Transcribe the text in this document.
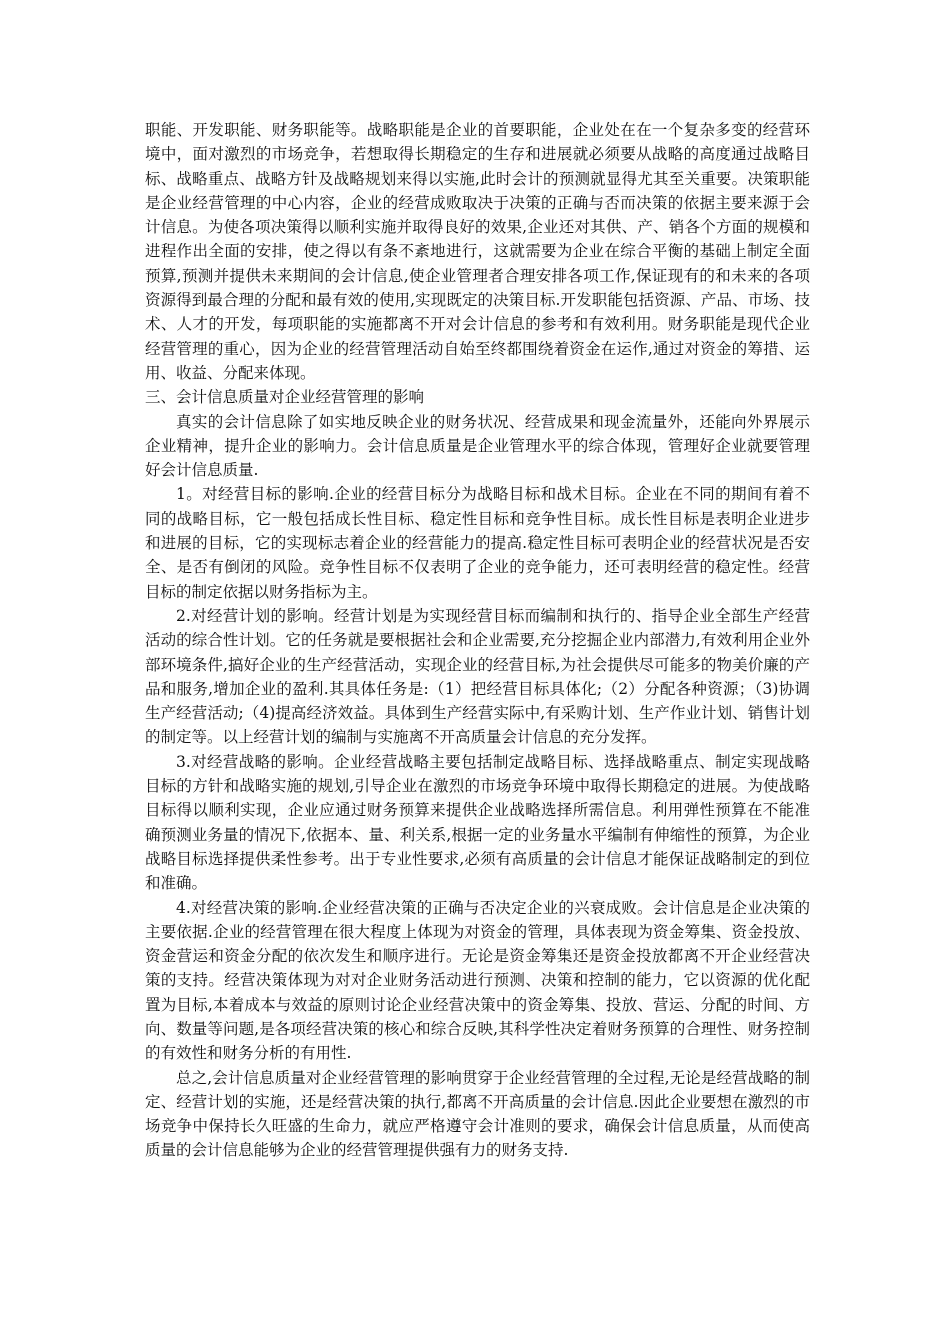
职能、开发职能、财务职能等。战略职能是企业的首要职能，企业处在在一个复杂多变的经营环境中，面对激烈的市场竞争，若想取得长期稳定的生存和进展就必须要从战略的高度通过战略目标、战略重点、战略方针及战略规划来得以实施,此时会计的预测就显得尤其至关重要。决策职能是企业经营管理的中心内容，企业的经营成败取决于决策的正确与否而决策的依据主要来源于会计信息。为使各项决策得以顺利实施并取得良好的效果,企业还对其供、产、销各个方面的规模和进程作出全面的安排，使之得以有条不紊地进行，这就需要为企业在综合平衡的基础上制定全面预算,预测并提供未来期间的会计信息,使企业管理者合理安排各项工作,保证现有的和未来的各项资源得到最合理的分配和最有效的使用,实现既定的决策目标.开发职能包括资源、产品、市场、技术、人才的开发，每项职能的实施都离不开对会计信息的参考和有效利用。财务职能是现代企业经营管理的重心，因为企业的经营管理活动自始至终都围绕着资金在运作,通过对资金的筹措、运用、收益、分配来体现。

三、会计信息质量对企业经营管理的影响

真实的会计信息除了如实地反映企业的财务状况、经营成果和现金流量外，还能向外界展示企业精神，提升企业的影响力。会计信息质量是企业管理水平的综合体现，管理好企业就要管理好会计信息质量.

1。对经营目标的影响.企业的经营目标分为战略目标和战术目标。企业在不同的期间有着不同的战略目标，它一般包括成长性目标、稳定性目标和竞争性目标。成长性目标是表明企业进步和进展的目标，它的实现标志着企业的经营能力的提高.稳定性目标可表明企业的经营状况是否安全、是否有倒闭的风险。竞争性目标不仅表明了企业的竞争能力，还可表明经营的稳定性。经营目标的制定依据以财务指标为主。

2.对经营计划的影响。经营计划是为实现经营目标而编制和执行的、指导企业全部生产经营活动的综合性计划。它的任务就是要根据社会和企业需要,充分挖掘企业内部潜力,有效利用企业外部环境条件,搞好企业的生产经营活动，实现企业的经营目标,为社会提供尽可能多的物美价廉的产品和服务,增加企业的盈利.其具体任务是:（1）把经营目标具体化;（2）分配各种资源；（3)协调生产经营活动;（4)提高经济效益。具体到生产经营实际中,有采购计划、生产作业计划、销售计划的制定等。以上经营计划的编制与实施离不开高质量会计信息的充分发挥。

3.对经营战略的影响。企业经营战略主要包括制定战略目标、选择战略重点、制定实现战略目标的方针和战略实施的规划,引导企业在激烈的市场竞争环境中取得长期稳定的进展。为使战略目标得以顺利实现，企业应通过财务预算来提供企业战略选择所需信息。利用弹性预算在不能准确预测业务量的情况下,依据本、量、利关系,根据一定的业务量水平编制有伸缩性的预算，为企业战略目标选择提供柔性参考。出于专业性要求,必须有高质量的会计信息才能保证战略制定的到位和准确。

4.对经营决策的影响.企业经营决策的正确与否决定企业的兴衰成败。会计信息是企业决策的主要依据.企业的经营管理在很大程度上体现为对资金的管理，具体表现为资金筹集、资金投放、资金营运和资金分配的依次发生和顺序进行。无论是资金筹集还是资金投放都离不开企业经营决策的支持。经营决策体现为对对企业财务活动进行预测、决策和控制的能力，它以资源的优化配置为目标,本着成本与效益的原则讨论企业经营决策中的资金筹集、投放、营运、分配的时间、方向、数量等问题,是各项经营决策的核心和综合反映,其科学性决定着财务预算的合理性、财务控制的有效性和财务分析的有用性.

总之,会计信息质量对企业经营管理的影响贯穿于企业经营管理的全过程,无论是经营战略的制定、经营计划的实施，还是经营决策的执行,都离不开高质量的会计信息.因此企业要想在激烈的市场竞争中保持长久旺盛的生命力，就应严格遵守会计准则的要求，确保会计信息质量，从而使高质量的会计信息能够为企业的经营管理提供强有力的财务支持.
